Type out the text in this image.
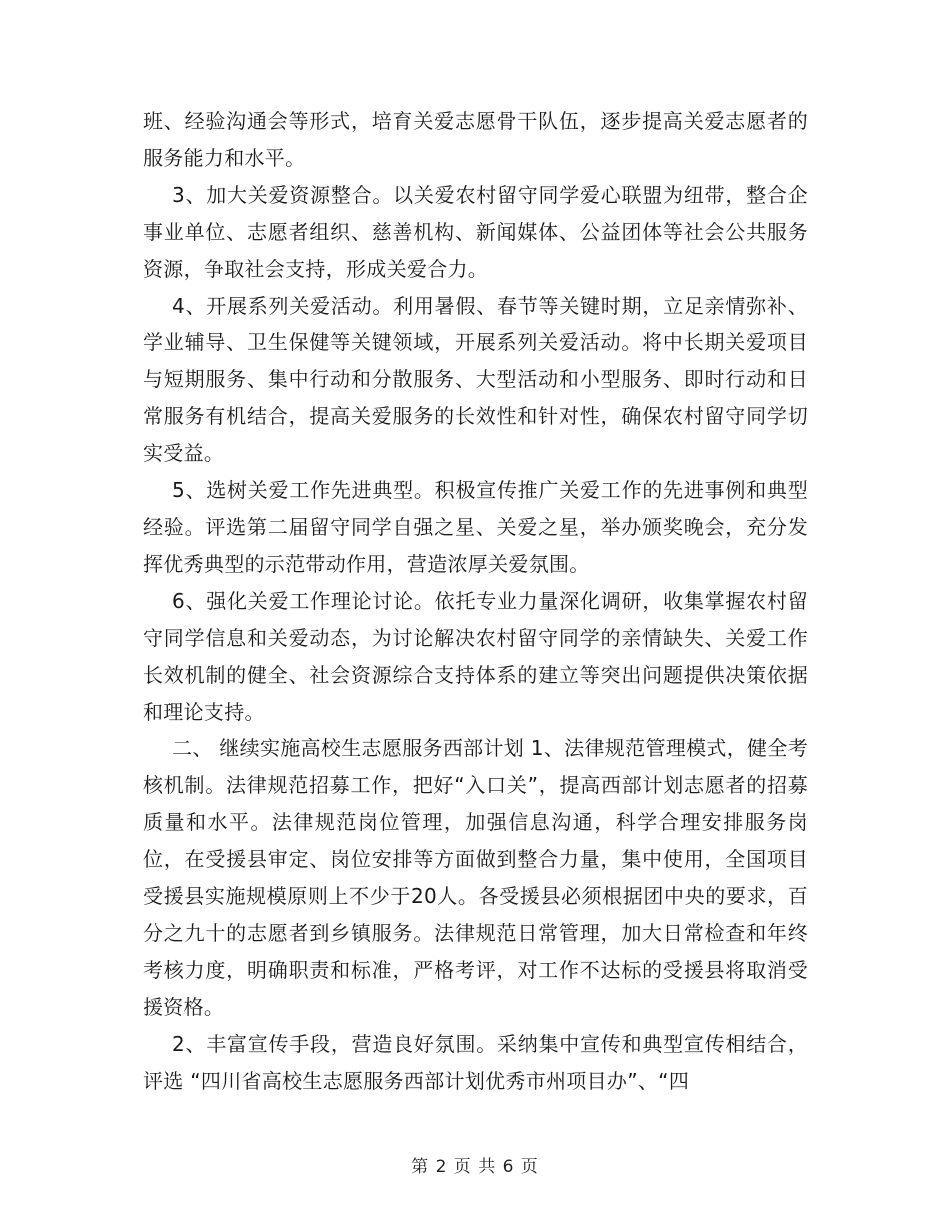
班、经验沟通会等形式，培育关爱志愿骨干队伍，逐步提高关爱志愿者的服务能力和水平。

3、加大关爱资源整合。以关爱农村留守同学爱心联盟为纽带，整合企事业单位、志愿者组织、慈善机构、新闻媒体、公益团体等社会公共服务资源，争取社会支持，形成关爱合力。

4、开展系列关爱活动。利用暑假、春节等关键时期，立足亲情弥补、学业辅导、卫生保健等关键领域，开展系列关爱活动。将中长期关爱项目与短期服务、集中行动和分散服务、大型活动和小型服务、即时行动和日常服务有机结合，提高关爱服务的长效性和针对性，确保农村留守同学切实受益。

5、选树关爱工作先进典型。积极宣传推广关爱工作的先进事例和典型经验。评选第二届留守同学自强之星、关爱之星，举办颁奖晚会，充分发挥优秀典型的示范带动作用，营造浓厚关爱氛围。

6、强化关爱工作理论讨论。依托专业力量深化调研，收集掌握农村留守同学信息和关爱动态，为讨论解决农村留守同学的亲情缺失、关爱工作长效机制的健全、社会资源综合支持体系的建立等突出问题提供决策依据和理论支持。

二、 继续实施高校生志愿服务西部计划 1、法律规范管理模式，健全考核机制。法律规范招募工作，把好“入口关”，提高西部计划志愿者的招募质量和水平。法律规范岗位管理，加强信息沟通，科学合理安排服务岗位，在受援县审定、岗位安排等方面做到整合力量，集中使用，全国项目受援县实施规模原则上不少于20人。各受援县必须根据团中央的要求，百分之九十的志愿者到乡镇服务。法律规范日常管理，加大日常检查和年终考核力度，明确职责和标准，严格考评，对工作不达标的受援县将取消受援资格。

2、丰富宣传手段，营造良好氛围。采纳集中宣传和典型宣传相结合，评选 “四川省高校生志愿服务西部计划优秀市州项目办”、“四

第 2 页 共 6 页
